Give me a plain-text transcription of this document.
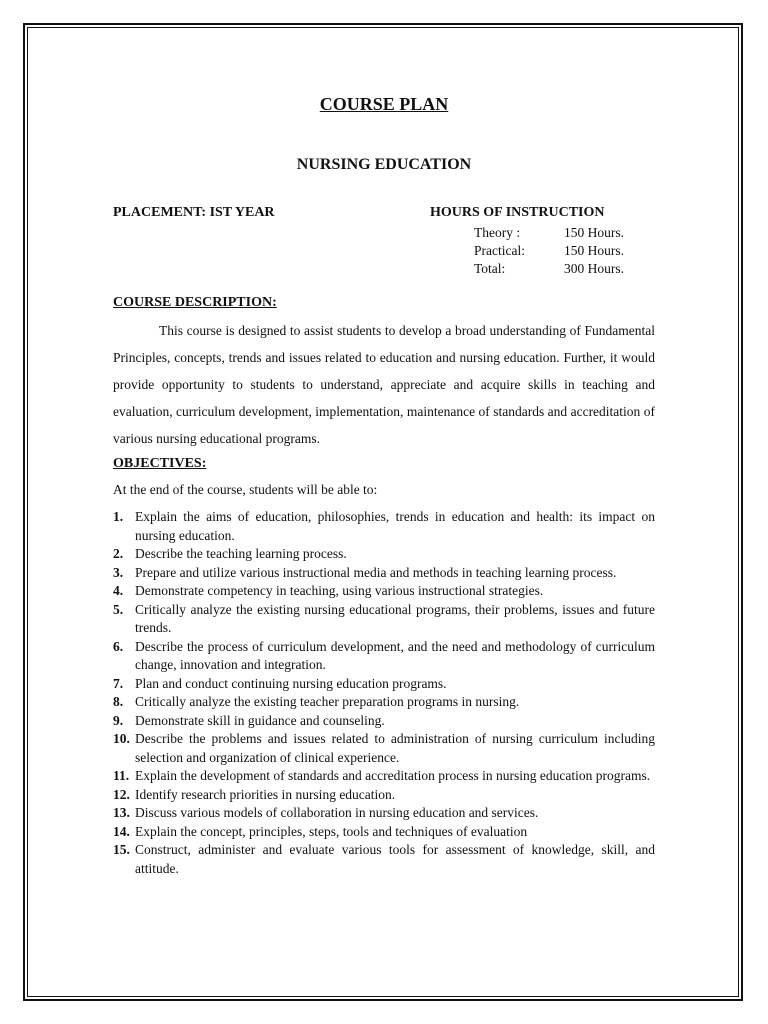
COURSE PLAN
NURSING EDUCATION
PLACEMENT: IST YEAR	HOURS OF INSTRUCTION
Theory :	150 Hours.
Practical:	150 Hours.
Total:	300 Hours.
COURSE DESCRIPTION:

This course is designed to assist students to develop a broad understanding of Fundamental Principles, concepts, trends and issues related to education and nursing education. Further, it would provide opportunity to students to understand, appreciate and acquire skills in teaching and evaluation, curriculum development, implementation, maintenance of standards and accreditation of various nursing educational programs.

OBJECTIVES:
At the end of the course, students will be able to:
1. Explain the aims of education, philosophies, trends in education and health: its impact on nursing education.
2. Describe the teaching learning process.
3. Prepare and utilize various instructional media and methods in teaching learning process.
4. Demonstrate competency in teaching, using various instructional strategies.
5. Critically analyze the existing nursing educational programs, their problems, issues and future trends.
6. Describe the process of curriculum development, and the need and methodology of curriculum change, innovation and integration.
7. Plan and conduct continuing nursing education programs.
8. Critically analyze the existing teacher preparation programs in nursing.
9. Demonstrate skill in guidance and counseling.
10. Describe the problems and issues related to administration of nursing curriculum including selection and organization of clinical experience.
11. Explain the development of standards and accreditation process in nursing education programs.
12. Identify research priorities in nursing education.
13. Discuss various models of collaboration in nursing education and services.
14. Explain the concept, principles, steps, tools and techniques of evaluation
15. Construct, administer and evaluate various tools for assessment of knowledge, skill, and attitude.
